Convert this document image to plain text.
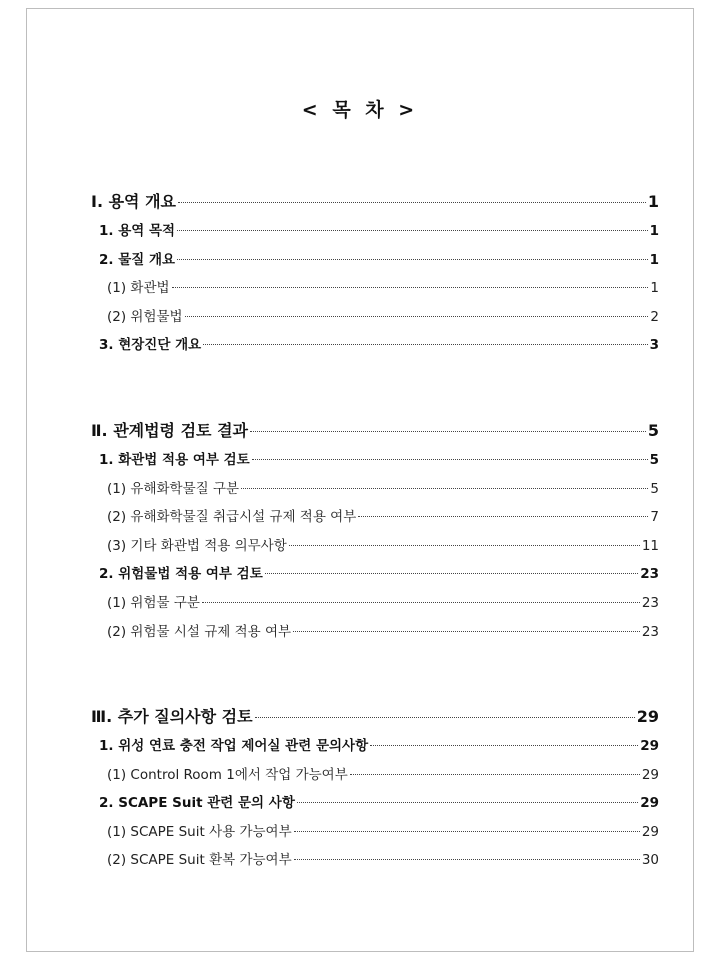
< 목 차 >
Ⅰ. 용역 개요	1
1. 용역 목적	1
2. 물질 개요	1
(1) 화관법	1
(2) 위험물법	2
3. 현장진단 개요	3
Ⅱ. 관계법령 검토 결과	5
1. 화관법 적용 여부 검토	5
(1) 유해화학물질 구분	5
(2) 유해화학물질 취급시설 규제 적용 여부	7
(3) 기타 화관법 적용 의무사항	11
2. 위험물법 적용 여부 검토	23
(1) 위험물 구분	23
(2) 위험물 시설 규제 적용 여부	23
Ⅲ. 추가 질의사항 검토	29
1. 위성 연료 충전 작업 제어실 관련 문의사항	29
(1) Control Room 1에서 작업 가능여부	29
2. SCAPE Suit 관련 문의 사항	29
(1) SCAPE Suit 사용 가능여부	29
(2) SCAPE Suit 환복 가능여부	30
